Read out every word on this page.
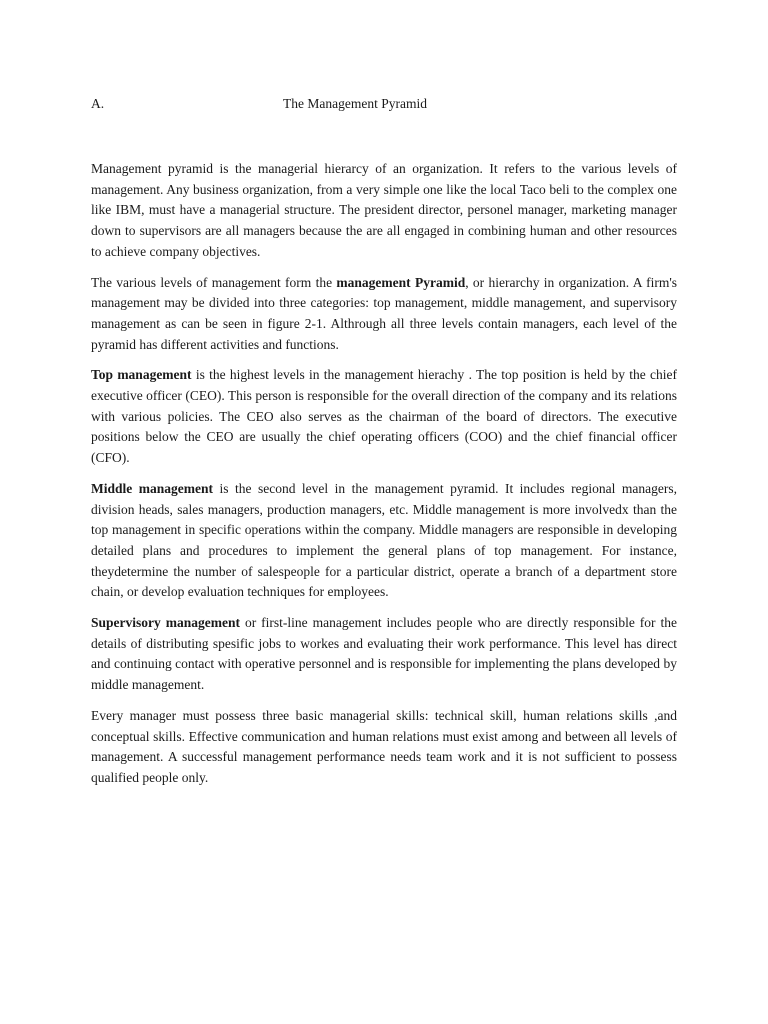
A.	The Management Pyramid

Management pyramid is the managerial hierarcy of an organization. It refers to the various levels of management. Any business organization, from a very simple one like the local Taco beli to the complex one like IBM, must have a managerial structure. The president director, personel manager, marketing manager down to supervisors are all managers because the are all engaged in combining human and other resources to achieve company objectives.

The various levels of management form the management Pyramid, or hierarchy in organization. A firm's management may be divided into three categories: top management, middle management, and supervisory management as can be seen in figure 2-1. Althrough all three levels contain managers, each level of the pyramid has different activities and functions.

Top management is the highest levels in the management hierachy . The top position is held by the chief executive officer (CEO). This person is responsible for the overall direction of the company and its relations with various policies. The CEO also serves as the chairman of the board of directors. The executive positions below the CEO are usually the chief operating officers (COO) and the chief financial officer (CFO).

Middle management is the second level in the management pyramid. It includes regional managers, division heads, sales managers, production managers, etc. Middle management is more involvedx than the top management in specific operations within the company. Middle managers are responsible in developing detailed plans and procedures to implement the general plans of top management. For instance, theydetermine the number of salespeople for a particular district, operate a branch of a department store chain, or develop evaluation techniques for employees.

Supervisory management or first-line management includes people who are directly responsible for the details of distributing spesific jobs to workes and evaluating their work performance. This level has direct and continuing contact with operative personnel and is responsible for implementing the plans developed by middle management.

Every manager must possess three basic managerial skills: technical skill, human relations skills ,and conceptual skills. Effective communication and human relations must exist among and between all levels of management. A successful management performance needs team work and it is not sufficient to possess qualified people only.
